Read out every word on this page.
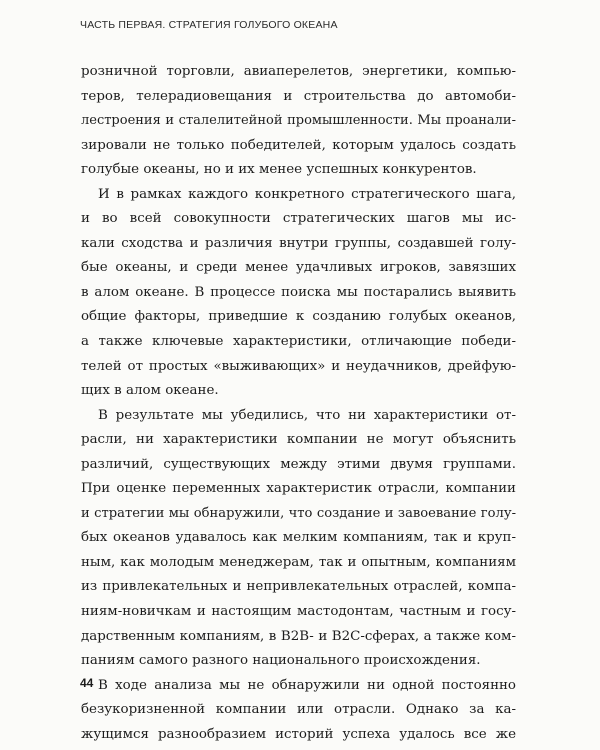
ЧАСТЬ ПЕРВАЯ. СТРАТЕГИЯ ГОЛУБОГО ОКЕАНА
розничной торговли, авиаперелетов, энергетики, компью-
теров, телерадиовещания и строительства до автомоби-
лестроения и сталелитейной промышленности. Мы проанали-
зировали не только победителей, которым удалось создать
голубые океаны, но и их менее успешных конкурентов.
И в рамках каждого конкретного стратегического шага,
и во всей совокупности стратегических шагов мы ис-
кали сходства и различия внутри группы, создавшей голу-
бые океаны, и среди менее удачливых игроков, завязших
в алом океане. В процессе поиска мы постарались выявить
общие факторы, приведшие к созданию голубых океанов,
а также ключевые характеристики, отличающие победи-
телей от простых «выживающих» и неудачников, дрейфую-
щих в алом океане.
В результате мы убедились, что ни характеристики от-
расли, ни характеристики компании не могут объяснить
различий, существующих между этими двумя группами.
При оценке переменных характеристик отрасли, компании
и стратегии мы обнаружили, что создание и завоевание голу-
бых океанов удавалось как мелким компаниям, так и круп-
ным, как молодым менеджерам, так и опытным, компаниям
из привлекательных и непривлекательных отраслей, компа-
ниям-новичкам и настоящим мастодонтам, частным и госу-
дарственным компаниям, в B2B- и B2C-сферах, а также ком-
паниям самого разного национального происхождения.
В ходе анализа мы не обнаружили ни одной постоянно
безукоризненной компании или отрасли. Однако за ка-
жущимся разнообразием историй успеха удалось все же
44
